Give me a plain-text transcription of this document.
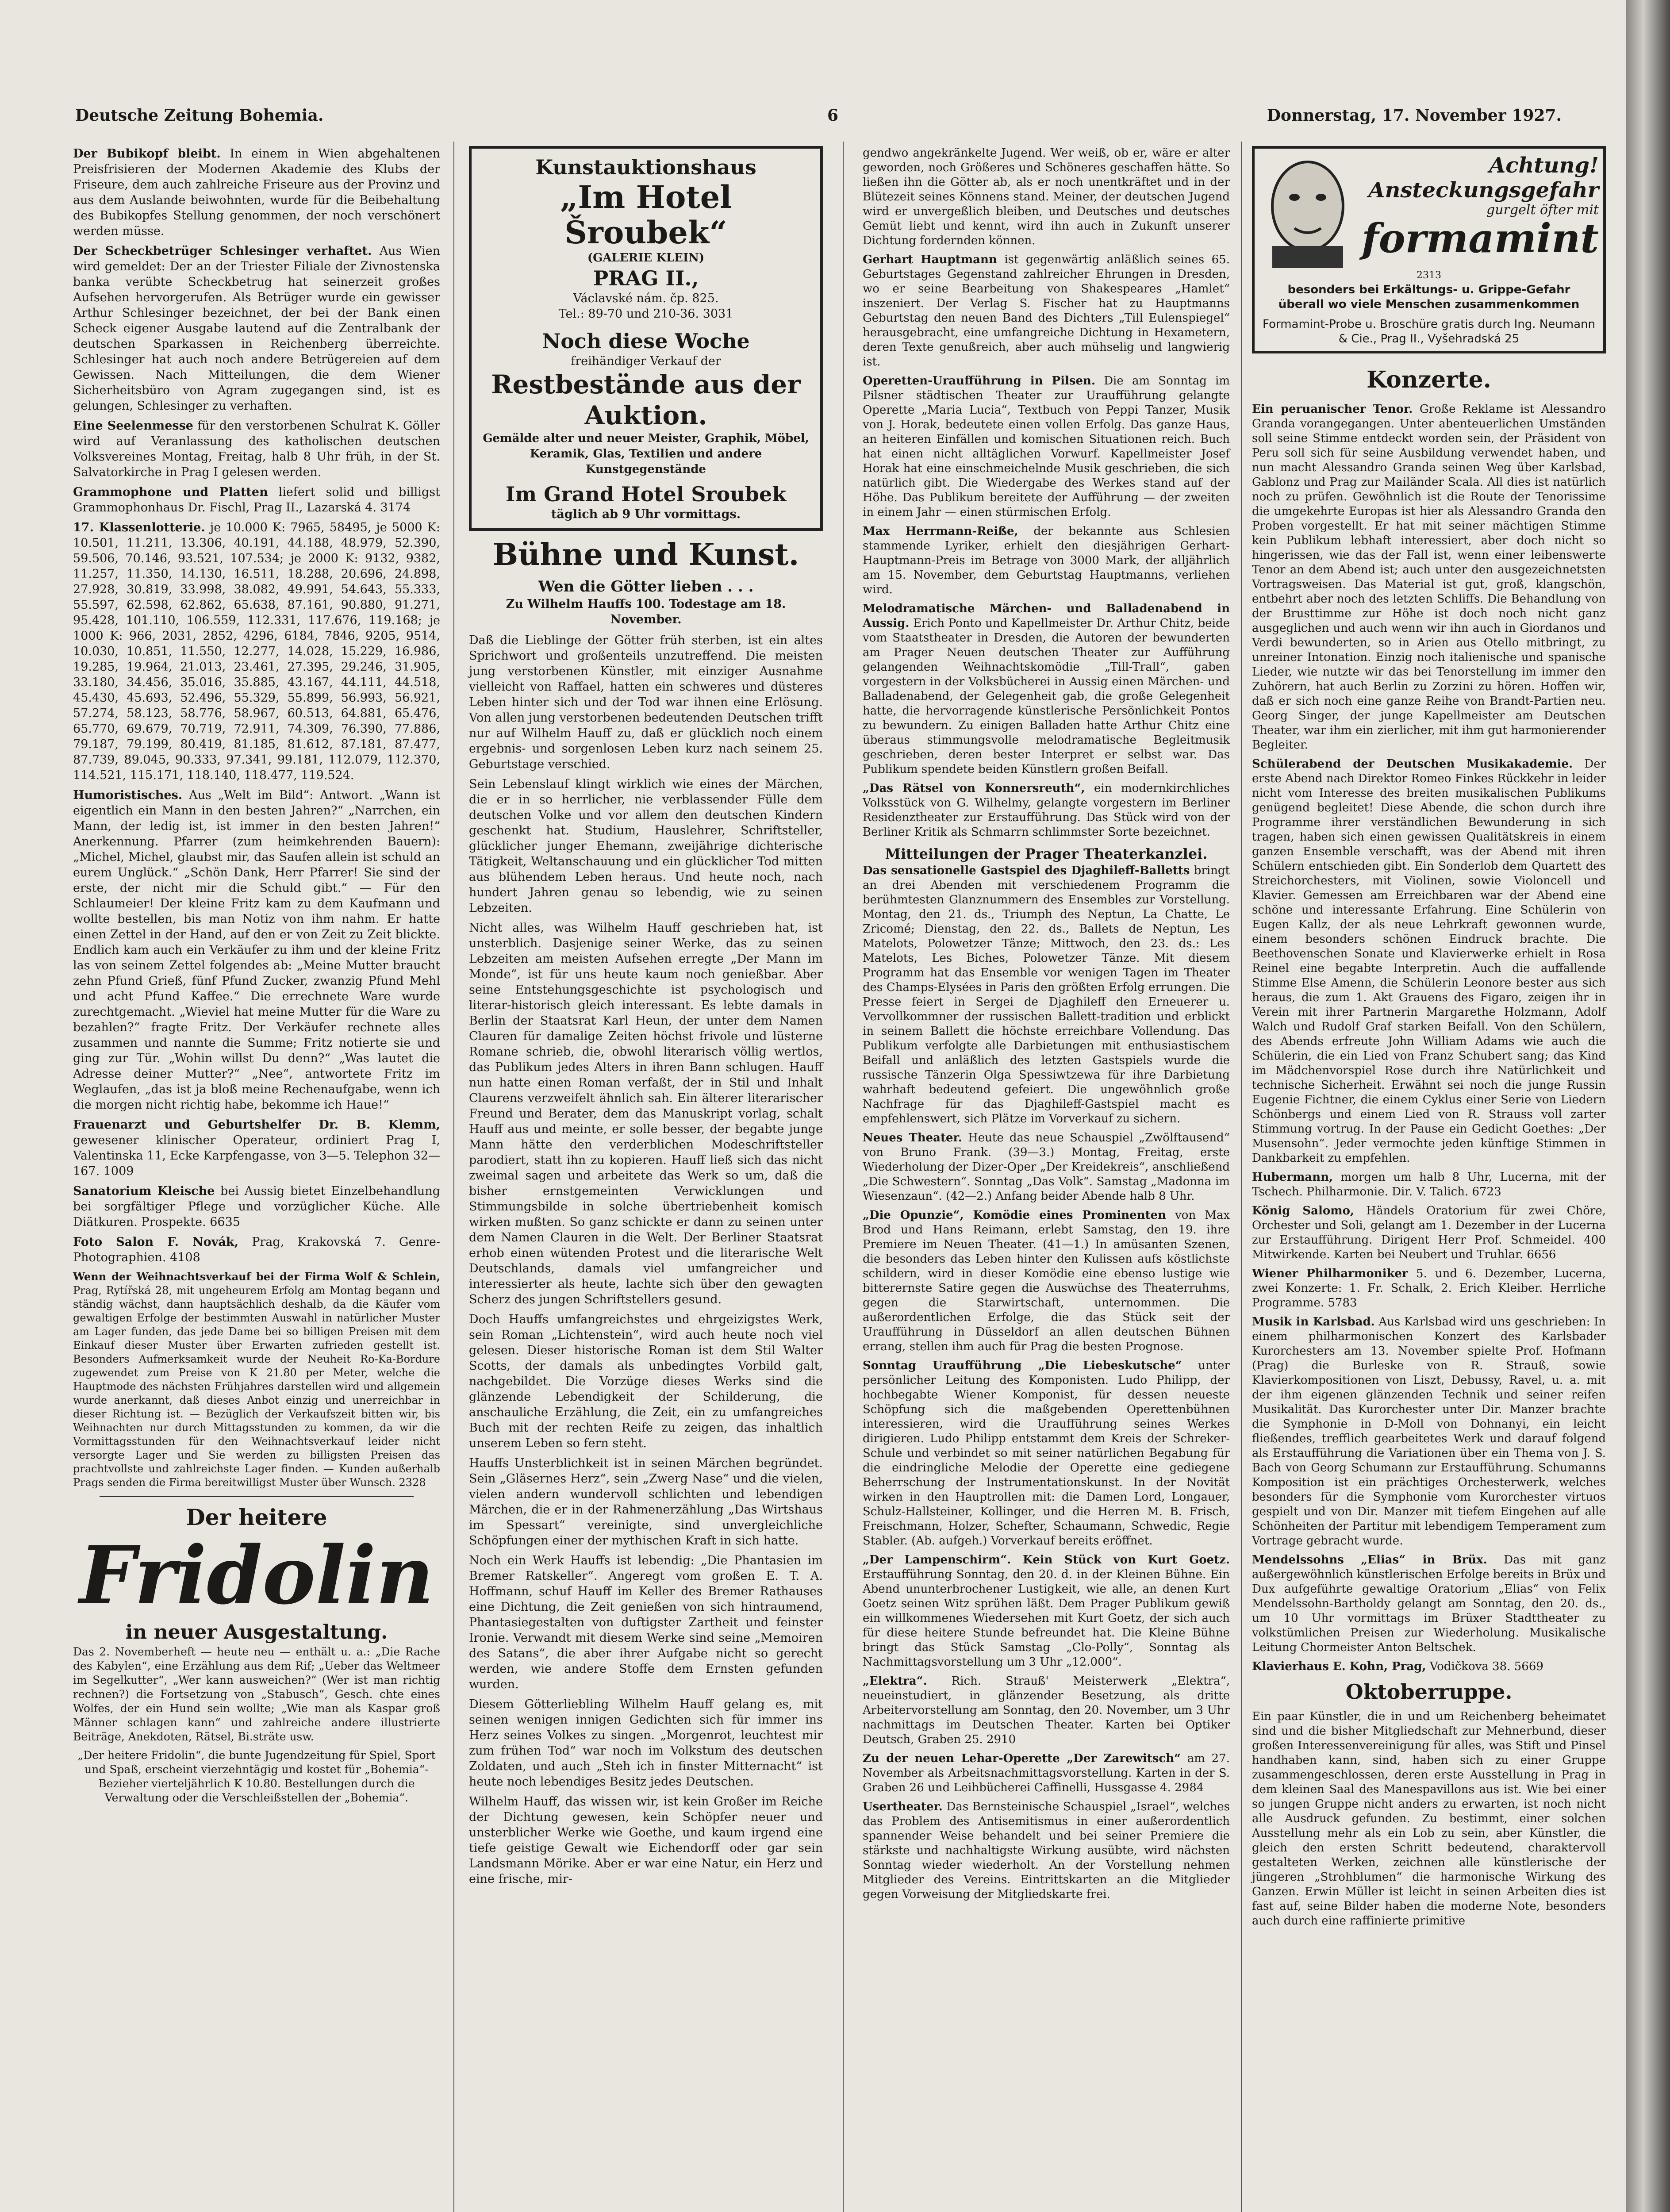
Deutsche Zeitung Bohemia.	6	Donnerstag, 17. November 1927.

Der Bubikopf bleibt. In einem in Wien abgehaltenen Preisfrisieren der Modernen Akademie des Klubs der Friseure, dem auch zahlreiche Friseure aus der Provinz und aus dem Auslande beiwohnten, wurde für die Beibehaltung des Bubikopfes Stellung genommen, der noch verschönert werden müsse.

Der Scheckbetrüger Schlesinger verhaftet. Aus Wien wird gemeldet: Der an der Triester Filiale der Zivnostenska banka verübte Scheckbetrug hat seinerzeit großes Aufsehen hervorgerufen. Als Betrüger wurde ein gewisser Arthur Schlesinger bezeichnet, der bei der Bank einen Scheck eigener Ausgabe lautend auf die Zentralbank der deutschen Sparkassen in Reichenberg überreichte. Schlesinger hat auch noch andere Betrügereien auf dem Gewissen. Nach Mitteilungen, die dem Wiener Sicherheitsbüro von Agram zugegangen sind, ist es gelungen, Schlesinger zu verhaften.

Eine Seelenmesse für den verstorbenen Schulrat K. Göller wird auf Veranlassung des katholischen deutschen Volksvereines Montag, Freitag, halb 8 Uhr früh, in der St. Salvatorkirche in Prag I gelesen werden.

Grammophone und Platten liefert solid und billigst Grammophonhaus Dr. Fischl, Prag II., Lazarská 4. 3174

17. Klassenlotterie. je 10.000 K: 7965, 58495, je 5000 K: 10.501, 11.211, 13.306, 40.191, 44.188, 48.979, 52.390, 59.506, 70.146, 93.521, 107.534; je 2000 K: 9132, 9382, 11.257, 11.350, 14.130, 16.511, 18.288, 20.696, 24.898, 27.928, 30.819, 33.998, 38.082, 49.991, 54.643, 55.333, 55.597, 62.598, 62.862, 65.638, 87.161, 90.880, 91.271, 95.428, 101.110, 106.559, 112.331, 117.676, 119.168; je 1000 K: 966, 2031, 2852, 4296, 6184, 7846, 9205, 9514, 10.030, 10.851, 11.550, 12.277, 14.028, 15.229, 16.986, 19.285, 19.964, 21.013, 23.461, 27.395, 29.246, 31.905, 33.180, 34.456, 35.016, 35.885, 43.167, 44.111, 44.518, 45.430, 45.693, 52.496, 55.329, 55.899, 56.993, 56.921, 57.274, 58.123, 58.776, 58.967, 60.513, 64.881, 65.476, 65.770, 69.679, 70.719, 72.911, 74.309, 76.390, 77.886, 79.187, 79.199, 80.419, 81.185, 81.612, 87.181, 87.477, 87.739, 89.045, 90.333, 97.341, 99.181, 112.079, 112.370, 114.521, 115.171, 118.140, 118.477, 119.524.

Humoristisches. Aus „Welt im Bild“: Antwort. „Wann ist eigentlich ein Mann in den besten Jahren?“ „Narrchen, ein Mann, der ledig ist, ist immer in den besten Jahren!“ Anerkennung. Pfarrer (zum heimkehrenden Bauern): „Michel, Michel, glaubst mir, das Saufen allein ist schuld an eurem Unglück.“ „Schön Dank, Herr Pfarrer! Sie sind der erste, der nicht mir die Schuld gibt.“ — Für den Schlaumeier! Der kleine Fritz kam zu dem Kaufmann und wollte bestellen, bis man Notiz von ihm nahm. Er hatte einen Zettel in der Hand, auf den er von Zeit zu Zeit blickte. Endlich kam auch ein Verkäufer zu ihm und der kleine Fritz las von seinem Zettel folgendes ab: „Meine Mutter braucht zehn Pfund Grieß, fünf Pfund Zucker, zwanzig Pfund Mehl und acht Pfund Kaffee.“ Die errechnete Ware wurde zurechtgemacht. „Wieviel hat meine Mutter für die Ware zu bezahlen?“ fragte Fritz. Der Verkäufer rechnete alles zusammen und nannte die Summe; Fritz notierte sie und ging zur Tür. „Wohin willst Du denn?“ „Was lautet die Adresse deiner Mutter?“ „Nee“, antwortete Fritz im Weglaufen, „das ist ja bloß meine Rechenaufgabe, wenn ich die morgen nicht richtig habe, bekomme ich Haue!“

Frauenarzt und Geburtshelfer Dr. B. Klemm, gewesener klinischer Operateur, ordiniert Prag I, Valentinska 11, Ecke Karpfengasse, von 3—5. Telephon 32—167. 1009

Sanatorium Kleische bei Aussig bietet Einzelbehandlung bei sorgfältiger Pflege und vorzüglicher Küche. Alle Diätkuren. Prospekte. 6635

Foto Salon F. Novák, Prag, Krakovská 7. Genre-Photographien. 4108

Wenn der Weihnachtsverkauf bei der Firma Wolf & Schlein, Prag, Rytířská 28, mit ungeheurem Erfolg am Montag begann und ständig wächst, dann hauptsächlich deshalb, da die Käufer vom gewaltigen Erfolge der bestimmten Auswahl in natürlicher Muster am Lager funden, das jede Dame bei so billigen Preisen mit dem Einkauf dieser Muster über Erwarten zufrieden gestellt ist. Besonders Aufmerksamkeit wurde der Neuheit Ro-Ka-Bordure zugewendet zum Preise von K 21.80 per Meter, welche die Hauptmode des nächsten Frühjahres darstellen wird und allgemein wurde anerkannt, daß dieses Anbot einzig und unerreichbar in dieser Richtung ist. — Bezüglich der Verkaufszeit bitten wir, bis Weihnachten nur durch Mittagsstunden zu kommen, da wir die Vormittagsstunden für den Weihnachtsverkauf leider nicht versorgte Lager und Sie werden zu billigsten Preisen das prachtvollste und zahlreichste Lager finden. — Kunden außerhalb Prags senden die Firma bereitwilligst Muster über Wunsch. 2328

Der heitere
Fridolin
in neuer Ausgestaltung.

Das 2. Novemberheft — heute neu — enthält u. a.: „Die Rache des Kabylen“, eine Erzählung aus dem Rif; „Ueber das Weltmeer im Segelkutter“, „Wer kann ausweichen?“ (Wer ist man richtig rechnen?) die Fortsetzung von „Stabusch“, Gesch. chte eines Wolfes, der ein Hund sein wollte; „Wie man als Kaspar groß Männer schlagen kann“ und zahlreiche andere illustrierte Beiträge, Anekdoten, Rätsel, Bi.sträte usw.

„Der heitere Fridolin“, die bunte Jugendzeitung für Spiel, Sport und Spaß, erscheint vierzehntägig und kostet für „Bohemia“-Bezieher vierteljährlich K 10.80. Bestellungen durch die Verwaltung oder die Verschleißstellen der „Bohemia“.

Kunstauktionshaus
„Im Hotel Šroubek“
(GALERIE KLEIN)
PRAG II.,
Václavské nám. čp. 825.
Tel.: 89-70 und 210-36. 3031
Noch diese Woche
freihändiger Verkauf der
Restbestände aus der Auktion.
Gemälde alter und neuer Meister, Graphik, Möbel, Keramik, Glas, Textilien und andere Kunstgegenstände
Im Grand Hotel Sroubek
täglich ab 9 Uhr vormittags.
Bühne und Kunst.
Wen die Götter lieben . . .
Zu Wilhelm Hauffs 100. Todestage am 18. November.

Daß die Lieblinge der Götter früh sterben, ist ein altes Sprichwort und großenteils unzutreffend. Die meisten jung verstorbenen Künstler, mit einziger Ausnahme vielleicht von Raffael, hatten ein schweres und düsteres Leben hinter sich und der Tod war ihnen eine Erlösung. Von allen jung verstorbenen bedeutenden Deutschen trifft nur auf Wilhelm Hauff zu, daß er glücklich noch einem ergebnis- und sorgenlosen Leben kurz nach seinem 25. Geburtstage verschied.

Sein Lebenslauf klingt wirklich wie eines der Märchen, die er in so herrlicher, nie verblassender Fülle dem deutschen Volke und vor allem den deutschen Kindern geschenkt hat. Studium, Hauslehrer, Schriftsteller, glücklicher junger Ehemann, zweijährige dichterische Tätigkeit, Weltanschauung und ein glücklicher Tod mitten aus blühendem Leben heraus. Und heute noch, nach hundert Jahren genau so lebendig, wie zu seinen Lebzeiten.

Nicht alles, was Wilhelm Hauff geschrieben hat, ist unsterblich. Dasjenige seiner Werke, das zu seinen Lebzeiten am meisten Aufsehen erregte „Der Mann im Monde“, ist für uns heute kaum noch genießbar. Aber seine Entstehungsgeschichte ist psychologisch und literar-historisch gleich interessant. Es lebte damals in Berlin der Staatsrat Karl Heun, der unter dem Namen Clauren für damalige Zeiten höchst frivole und lüsterne Romane schrieb, die, obwohl literarisch völlig wertlos, das Publikum jedes Alters in ihren Bann schlugen. Hauff nun hatte einen Roman verfaßt, der in Stil und Inhalt Claurens verzweifelt ähnlich sah. Ein älterer literarischer Freund und Berater, dem das Manuskript vorlag, schalt Hauff aus und meinte, er solle besser, der begabte junge Mann hätte den verderblichen Modeschriftsteller parodiert, statt ihn zu kopieren. Hauff ließ sich das nicht zweimal sagen und arbeitete das Werk so um, daß die bisher ernstgemeinten Verwicklungen und Stimmungsbilde in solche übertriebenheit komisch wirken mußten. So ganz schickte er dann zu seinen unter dem Namen Clauren in die Welt. Der Berliner Staatsrat erhob einen wütenden Protest und die literarische Welt Deutschlands, damals viel umfangreicher und interessierter als heute, lachte sich über den gewagten Scherz des jungen Schriftstellers gesund.

Doch Hauffs umfangreichstes und ehrgeizigstes Werk, sein Roman „Lichtenstein“, wird auch heute noch viel gelesen. Dieser historische Roman ist dem Stil Walter Scotts, der damals als unbedingtes Vorbild galt, nachgebildet. Die Vorzüge dieses Werks sind die glänzende Lebendigkeit der Schilderung, die anschauliche Erzählung, die Zeit, ein zu umfangreiches Buch mit der rechten Reife zu zeigen, das inhaltlich unserem Leben so fern steht.

Hauffs Unsterblichkeit ist in seinen Märchen begründet. Sein „Gläsernes Herz“, sein „Zwerg Nase“ und die vielen, vielen andern wundervoll schlichten und lebendigen Märchen, die er in der Rahmenerzählung „Das Wirtshaus im Spessart“ vereinigte, sind unvergleichliche Schöpfungen einer der mythischen Kraft in sich hatte.

Noch ein Werk Hauffs ist lebendig: „Die Phantasien im Bremer Ratskeller“. Angeregt vom großen E. T. A. Hoffmann, schuf Hauff im Keller des Bremer Rathauses eine Dichtung, die Zeit genießen von sich hintraumend, Phantasiegestalten von duftigster Zartheit und feinster Ironie. Verwandt mit diesem Werke sind seine „Memoiren des Satans“, die aber ihrer Aufgabe nicht so gerecht werden, wie andere Stoffe dem Ernsten gefunden wurden.

Diesem Götterliebling Wilhelm Hauff gelang es, mit seinen wenigen innigen Gedichten sich für immer ins Herz seines Volkes zu singen. „Morgenrot, leuchtest mir zum frühen Tod“ war noch im Volkstum des deutschen Zoldaten, und auch „Steh ich in finster Mitternacht“ ist heute noch lebendiges Besitz jedes Deutschen.

Wilhelm Hauff, das wissen wir, ist kein Großer im Reiche der Dichtung gewesen, kein Schöpfer neuer und unsterblicher Werke wie Goethe, und kaum irgend eine tiefe geistige Gewalt wie Eichendorff oder gar sein Landsmann Mörike. Aber er war eine Natur, ein Herz und eine frische, mir-

gendwo angekränkelte Jugend. Wer weiß, ob er, wäre er alter geworden, noch Größeres und Schöneres geschaffen hätte. So ließen ihn die Götter ab, als er noch unentkräftet und in der Blütezeit seines Könnens stand. Meiner, der deutschen Jugend wird er unvergeßlich bleiben, und Deutsches und deutsches Gemüt liebt und kennt, wird ihn auch in Zukunft unserer Dichtung fordernden können.

Gerhart Hauptmann ist gegenwärtig anläßlich seines 65. Geburtstages Gegenstand zahlreicher Ehrungen in Dresden, wo er seine Bearbeitung von Shakespeares „Hamlet“ inszeniert. Der Verlag S. Fischer hat zu Hauptmanns Geburtstag den neuen Band des Dichters „Till Eulenspiegel“ herausgebracht, eine umfangreiche Dichtung in Hexametern, deren Texte genußreich, aber auch mühselig und langwierig ist.

Operetten-Uraufführung in Pilsen. Die am Sonntag im Pilsner städtischen Theater zur Uraufführung gelangte Operette „Maria Lucia“, Textbuch von Peppi Tanzer, Musik von J. Horak, bedeutete einen vollen Erfolg. Das ganze Haus, an heiteren Einfällen und komischen Situationen reich. Buch hat einen nicht alltäglichen Vorwurf. Kapellmeister Josef Horak hat eine einschmeichelnde Musik geschrieben, die sich natürlich gibt. Die Wiedergabe des Werkes stand auf der Höhe. Das Publikum bereitete der Aufführung — der zweiten in einem Jahr — einen stürmischen Erfolg.

Max Herrmann-Reiße, der bekannte aus Schlesien stammende Lyriker, erhielt den diesjährigen Gerhart-Hauptmann-Preis im Betrage von 3000 Mark, der alljährlich am 15. November, dem Geburtstag Hauptmanns, verliehen wird.

Melodramatische Märchen- und Balladenabend in Aussig. Erich Ponto und Kapellmeister Dr. Arthur Chitz, beide vom Staatstheater in Dresden, die Autoren der bewunderten am Prager Neuen deutschen Theater zur Aufführung gelangenden Weihnachtskomödie „Till-Trall“, gaben vorgestern in der Volksbücherei in Aussig einen Märchen- und Balladenabend, der Gelegenheit gab, die große Gelegenheit hatte, die hervorragende künstlerische Persönlichkeit Pontos zu bewundern. Zu einigen Balladen hatte Arthur Chitz eine überaus stimmungsvolle melodramatische Begleitmusik geschrieben, deren bester Interpret er selbst war. Das Publikum spendete beiden Künstlern großen Beifall.

„Das Rätsel von Konnersreuth“, ein modernkirchliches Volksstück von G. Wilhelmy, gelangte vorgestern im Berliner Residenztheater zur Erstaufführung. Das Stück wird von der Berliner Kritik als Schmarrn schlimmster Sorte bezeichnet.

Mitteilungen der Prager Theaterkanzlei.

Das sensationelle Gastspiel des Djaghileff-Balletts bringt an drei Abenden mit verschiedenem Programm die berühmtesten Glanznummern des Ensembles zur Vorstellung. Montag, den 21. ds., Triumph des Neptun, La Chatte, Le Zricomé; Dienstag, den 22. ds., Ballets de Neptun, Les Matelots, Polowetzer Tänze; Mittwoch, den 23. ds.: Les Matelots, Les Biches, Polowetzer Tänze. Mit diesem Programm hat das Ensemble vor wenigen Tagen im Theater des Champs-Elysées in Paris den größten Erfolg errungen. Die Presse feiert in Sergei de Djaghileff den Erneuerer u. Vervollkommner der russischen Ballett-tradition und erblickt in seinem Ballett die höchste erreichbare Vollendung. Das Publikum verfolgte alle Darbietungen mit enthusiastischem Beifall und anläßlich des letzten Gastspiels wurde die russische Tänzerin Olga Spessiwtzewa für ihre Darbietung wahrhaft bedeutend gefeiert. Die ungewöhnlich große Nachfrage für das Djaghileff-Gastspiel macht es empfehlenswert, sich Plätze im Vorverkauf zu sichern.

Neues Theater. Heute das neue Schauspiel „Zwölftausend“ von Bruno Frank. (39—3.) Montag, Freitag, erste Wiederholung der Dizer-Oper „Der Kreidekreis“, anschließend „Die Schwestern“. Sonntag „Das Volk“. Samstag „Madonna im Wiesenzaun“. (42—2.) Anfang beider Abende halb 8 Uhr.

„Die Opunzie“, Komödie eines Prominenten von Max Brod und Hans Reimann, erlebt Samstag, den 19. ihre Premiere im Neuen Theater. (41—1.) In amüsanten Szenen, die besonders das Leben hinter den Kulissen aufs köstlichste schildern, wird in dieser Komödie eine ebenso lustige wie bitterernste Satire gegen die Auswüchse des Theaterruhms, gegen die Starwirtschaft, unternommen. Die außerordentlichen Erfolge, die das Stück seit der Uraufführung in Düsseldorf an allen deutschen Bühnen errang, stellen ihm auch für Prag die besten Prognose.

Sonntag Uraufführung „Die Liebeskutsche“ unter persönlicher Leitung des Komponisten. Ludo Philipp, der hochbegabte Wiener Komponist, für dessen neueste Schöpfung sich die maßgebenden Operettenbühnen interessieren, wird die Uraufführung seines Werkes dirigieren. Ludo Philipp entstammt dem Kreis der Schreker-Schule und verbindet so mit seiner natürlichen Begabung für die eindringliche Melodie der Operette eine gediegene Beherrschung der Instrumentationskunst. In der Novität wirken in den Hauptrollen mit: die Damen Lord, Longauer, Schulz-Hallsteiner, Kollinger, und die Herren M. B. Frisch, Freischmann, Holzer, Schefter, Schaumann, Schwedic, Regie Stabler. (Ab. aufgeh.) Vorverkauf bereits eröffnet.

„Der Lampenschirm“. Kein Stück von Kurt Goetz. Erstaufführung Sonntag, den 20. d. in der Kleinen Bühne. Ein Abend ununterbrochener Lustigkeit, wie alle, an denen Kurt Goetz seinen Witz sprühen läßt. Dem Prager Publikum gewiß ein willkommenes Wiedersehen mit Kurt Goetz, der sich auch für diese heitere Stunde befreundet hat. Die Kleine Bühne bringt das Stück Samstag „Clo-Polly“, Sonntag als Nachmittagsvorstellung um 3 Uhr „12.000“.

„Elektra“. Rich. Strauß' Meisterwerk „Elektra“, neueinstudiert, in glänzender Besetzung, als dritte Arbeitervorstellung am Sonntag, den 20. November, um 3 Uhr nachmittags im Deutschen Theater. Karten bei Optiker Deutsch, Graben 25. 2910

Zu der neuen Lehar-Operette „Der Zarewitsch“ am 27. November als Arbeitsnachmittagsvorstellung. Karten in der S. Graben 26 und Leihbücherei Caffinelli, Hussgasse 4. 2984

Usertheater. Das Bernsteinische Schauspiel „Israel“, welches das Problem des Antisemitismus in einer außerordentlich spannender Weise behandelt und bei seiner Premiere die stärkste und nachhaltigste Wirkung ausübte, wird nächsten Sonntag wieder wiederholt. An der Vorstellung nehmen Mitglieder des Vereins. Eintrittskarten an die Mitglieder gegen Vorweisung der Mitgliedskarte frei.

Achtung! Ansteckungsgefahr
gurgelt öfter mit
formamint
2313
besonders bei Erkältungs- u. Grippe-Gefahr
überall wo viele Menschen zusammenkommen
Formamint-Probe u. Broschüre gratis durch Ing. Neumann & Cie., Prag II., Vyšehradská 25
Konzerte.

Ein peruanischer Tenor. Große Reklame ist Alessandro Granda vorangegangen. Unter abenteuerlichen Umständen soll seine Stimme entdeckt worden sein, der Präsident von Peru soll sich für seine Ausbildung verwendet haben, und nun macht Alessandro Granda seinen Weg über Karlsbad, Gablonz und Prag zur Mailänder Scala. All dies ist natürlich noch zu prüfen. Gewöhnlich ist die Route der Tenorissime die umgekehrte Europas ist hier als Alessandro Granda den Proben vorgestellt. Er hat mit seiner mächtigen Stimme kein Publikum lebhaft interessiert, aber doch nicht so hingerissen, wie das der Fall ist, wenn einer leibenswerte Tenor an dem Abend ist; auch unter den ausgezeichnetsten Vortragsweisen. Das Material ist gut, groß, klangschön, entbehrt aber noch des letzten Schliffs. Die Behandlung von der Brusttimme zur Höhe ist doch noch nicht ganz ausgeglichen und auch wenn wir ihn auch in Giordanos und Verdi bewunderten, so in Arien aus Otello mitbringt, zu unreiner Intonation. Einzig noch italienische und spanische Lieder, wie nutzte wir das bei Tenorstellung im immer den Zuhörern, hat auch Berlin zu Zorzini zu hören. Hoffen wir, daß er sich noch eine ganze Reihe von Brandt-Partien neu. Georg Singer, der junge Kapellmeister am Deutschen Theater, war ihm ein zierlicher, mit ihm gut harmonierender Begleiter.

Schülerabend der Deutschen Musikakademie. Der erste Abend nach Direktor Romeo Finkes Rückkehr in leider nicht vom Interesse des breiten musikalischen Publikums genügend begleitet! Diese Abende, die schon durch ihre Programme ihrer verständlichen Bewunderung in sich tragen, haben sich einen gewissen Qualitätskreis in einem ganzen Ensemble verschafft, was der Abend mit ihren Schülern entschieden gibt. Ein Sonderlob dem Quartett des Streichorchesters, mit Violinen, sowie Violoncell und Klavier. Gemessen am Erreichbaren war der Abend eine schöne und interessante Erfahrung. Eine Schülerin von Eugen Kallz, der als neue Lehrkraft gewonnen wurde, einem besonders schönen Eindruck brachte. Die Beethovenschen Sonate und Klavierwerke erhielt in Rosa Reinel eine begabte Interpretin. Auch die auffallende Stimme Else Amenn, die Schülerin Leonore bester aus sich heraus, die zum 1. Akt Grauens des Figaro, zeigen ihr in Verein mit ihrer Partnerin Margarethe Holzmann, Adolf Walch und Rudolf Graf starken Beifall. Von den Schülern, des Abends erfreute John William Adams wie auch die Schülerin, die ein Lied von Franz Schubert sang; das Kind im Mädchenvorspiel Rose durch ihre Natürlichkeit und technische Sicherheit. Erwähnt sei noch die junge Russin Eugenie Fichtner, die einem Cyklus einer Serie von Liedern Schönbergs und einem Lied von R. Strauss voll zarter Stimmung vortrug. In der Pause ein Gedicht Goethes: „Der Musensohn“. Jeder vermochte jeden künftige Stimmen in Dankbarkeit zu empfehlen.

Hubermann, morgen um halb 8 Uhr, Lucerna, mit der Tschech. Philharmonie. Dir. V. Talich. 6723

König Salomo, Händels Oratorium für zwei Chöre, Orchester und Soli, gelangt am 1. Dezember in der Lucerna zur Erstaufführung. Dirigent Herr Prof. Schmeidel. 400 Mitwirkende. Karten bei Neubert und Truhlar. 6656

Wiener Philharmoniker 5. und 6. Dezember, Lucerna, zwei Konzerte: 1. Fr. Schalk, 2. Erich Kleiber. Herrliche Programme. 5783

Musik in Karlsbad. Aus Karlsbad wird uns geschrieben: In einem philharmonischen Konzert des Karlsbader Kurorchesters am 13. November spielte Prof. Hofmann (Prag) die Burleske von R. Strauß, sowie Klavierkompositionen von Liszt, Debussy, Ravel, u. a. mit der ihm eigenen glänzenden Technik und seiner reifen Musikalität. Das Kurorchester unter Dir. Manzer brachte die Symphonie in D-Moll von Dohnanyi, ein leicht fließendes, trefflich gearbeitetes Werk und darauf folgend als Erstaufführung die Variationen über ein Thema von J. S. Bach von Georg Schumann zur Erstaufführung. Schumanns Komposition ist ein prächtiges Orchesterwerk, welches besonders für die Symphonie vom Kurorchester virtuos gespielt und von Dir. Manzer mit tiefem Eingehen auf alle Schönheiten der Partitur mit lebendigem Temperament zum Vortrage gebracht wurde.

Mendelssohns „Elias“ in Brüx. Das mit ganz außergewöhnlich künstlerischen Erfolge bereits in Brüx und Dux aufgeführte gewaltige Oratorium „Elias“ von Felix Mendelssohn-Bartholdy gelangt am Sonntag, den 20. ds., um 10 Uhr vormittags im Brüxer Stadttheater zu volkstümlichen Preisen zur Wiederholung. Musikalische Leitung Chormeister Anton Beltschek.

Klavierhaus E. Kohn, Prag, Vodičkova 38. 5669

Oktoberruppe.

Ein paar Künstler, die in und um Reichenberg beheimatet sind und die bisher Mitgliedschaft zur Mehnerbund, dieser großen Interessenvereinigung für alles, was Stift und Pinsel handhaben kann, sind, haben sich zu einer Gruppe zusammengeschlossen, deren erste Ausstellung in Prag in dem kleinen Saal des Manespavillons aus ist. Wie bei einer so jungen Gruppe nicht anders zu erwarten, ist noch nicht alle Ausdruck gefunden. Zu bestimmt, einer solchen Ausstellung mehr als ein Lob zu sein, aber Künstler, die gleich den ersten Schritt bedeutend, charaktervoll gestalteten Werken, zeichnen alle künstlerische der jüngeren „Strohblumen“ die harmonische Wirkung des Ganzen. Erwin Müller ist leicht in seinen Arbeiten dies ist fast auf, seine Bilder haben die moderne Note, besonders auch durch eine raffinierte primitive
